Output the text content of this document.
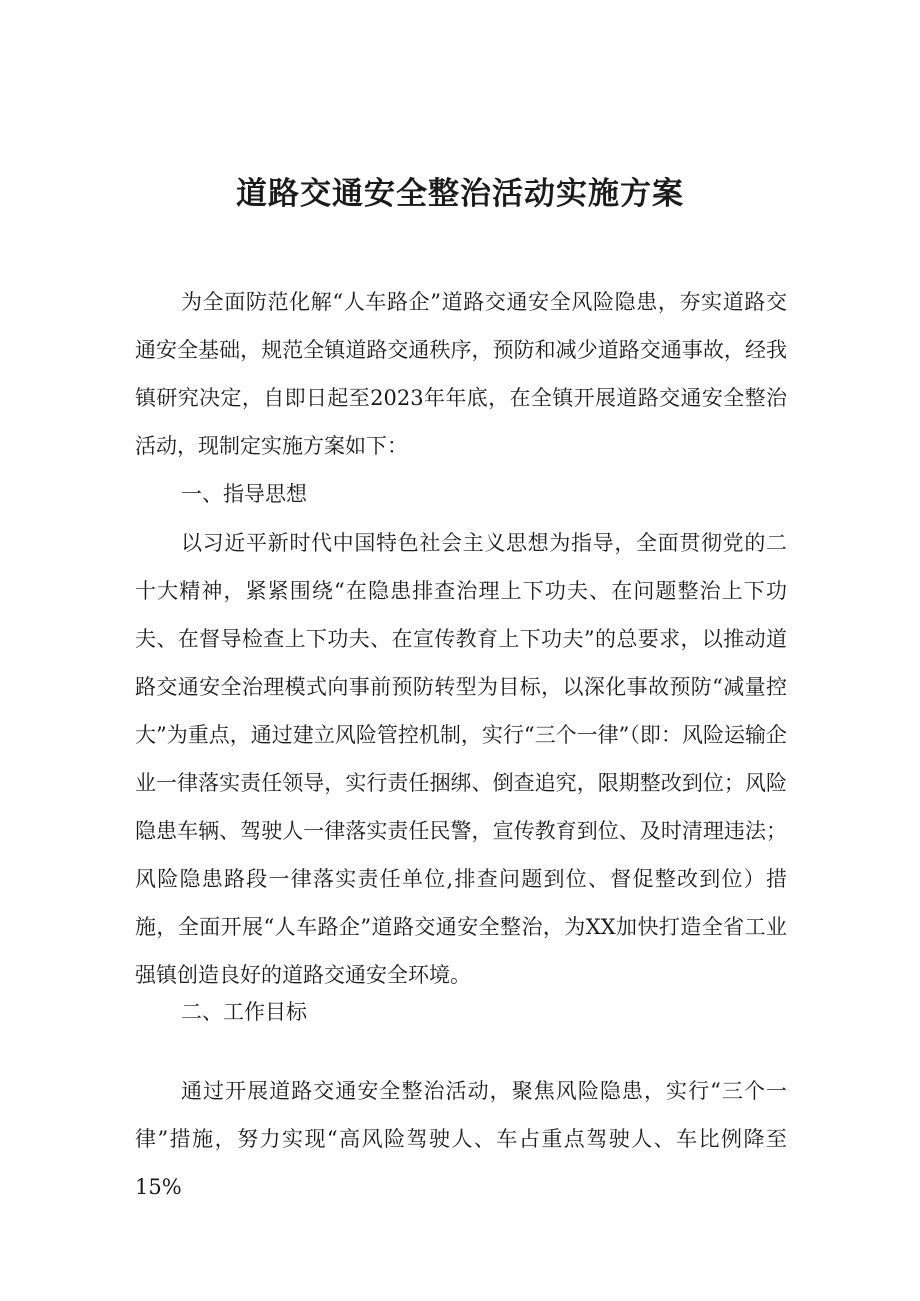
道路交通安全整治活动实施方案

为全面防范化解“人车路企”道路交通安全风险隐患，夯实道路交通安全基础，规范全镇道路交通秩序，预防和减少道路交通事故，经我镇研究决定，自即日起至2023年年底，在全镇开展道路交通安全整治活动，现制定实施方案如下：

一、指导思想

以习近平新时代中国特色社会主义思想为指导，全面贯彻党的二十大精神，紧紧围绕“在隐患排查治理上下功夫、在问题整治上下功夫、在督导检查上下功夫、在宣传教育上下功夫”的总要求，以推动道路交通安全治理模式向事前预防转型为目标，以深化事故预防“减量控大”为重点，通过建立风险管控机制，实行“三个一律”（即：风险运输企业一律落实责任领导，实行责任捆绑、倒查追究，限期整改到位；风险隐患车辆、驾驶人一律落实责任民警，宣传教育到位、及时清理违法；风险隐患路段一律落实责任单位,排查问题到位、督促整改到位）措施，全面开展“人车路企”道路交通安全整治，为XX加快打造全省工业强镇创造良好的道路交通安全环境。

二、工作目标

通过开展道路交通安全整治活动，聚焦风险隐患，实行“三个一律”措施，努力实现“高风险驾驶人、车占重点驾驶人、车比例降至15%
